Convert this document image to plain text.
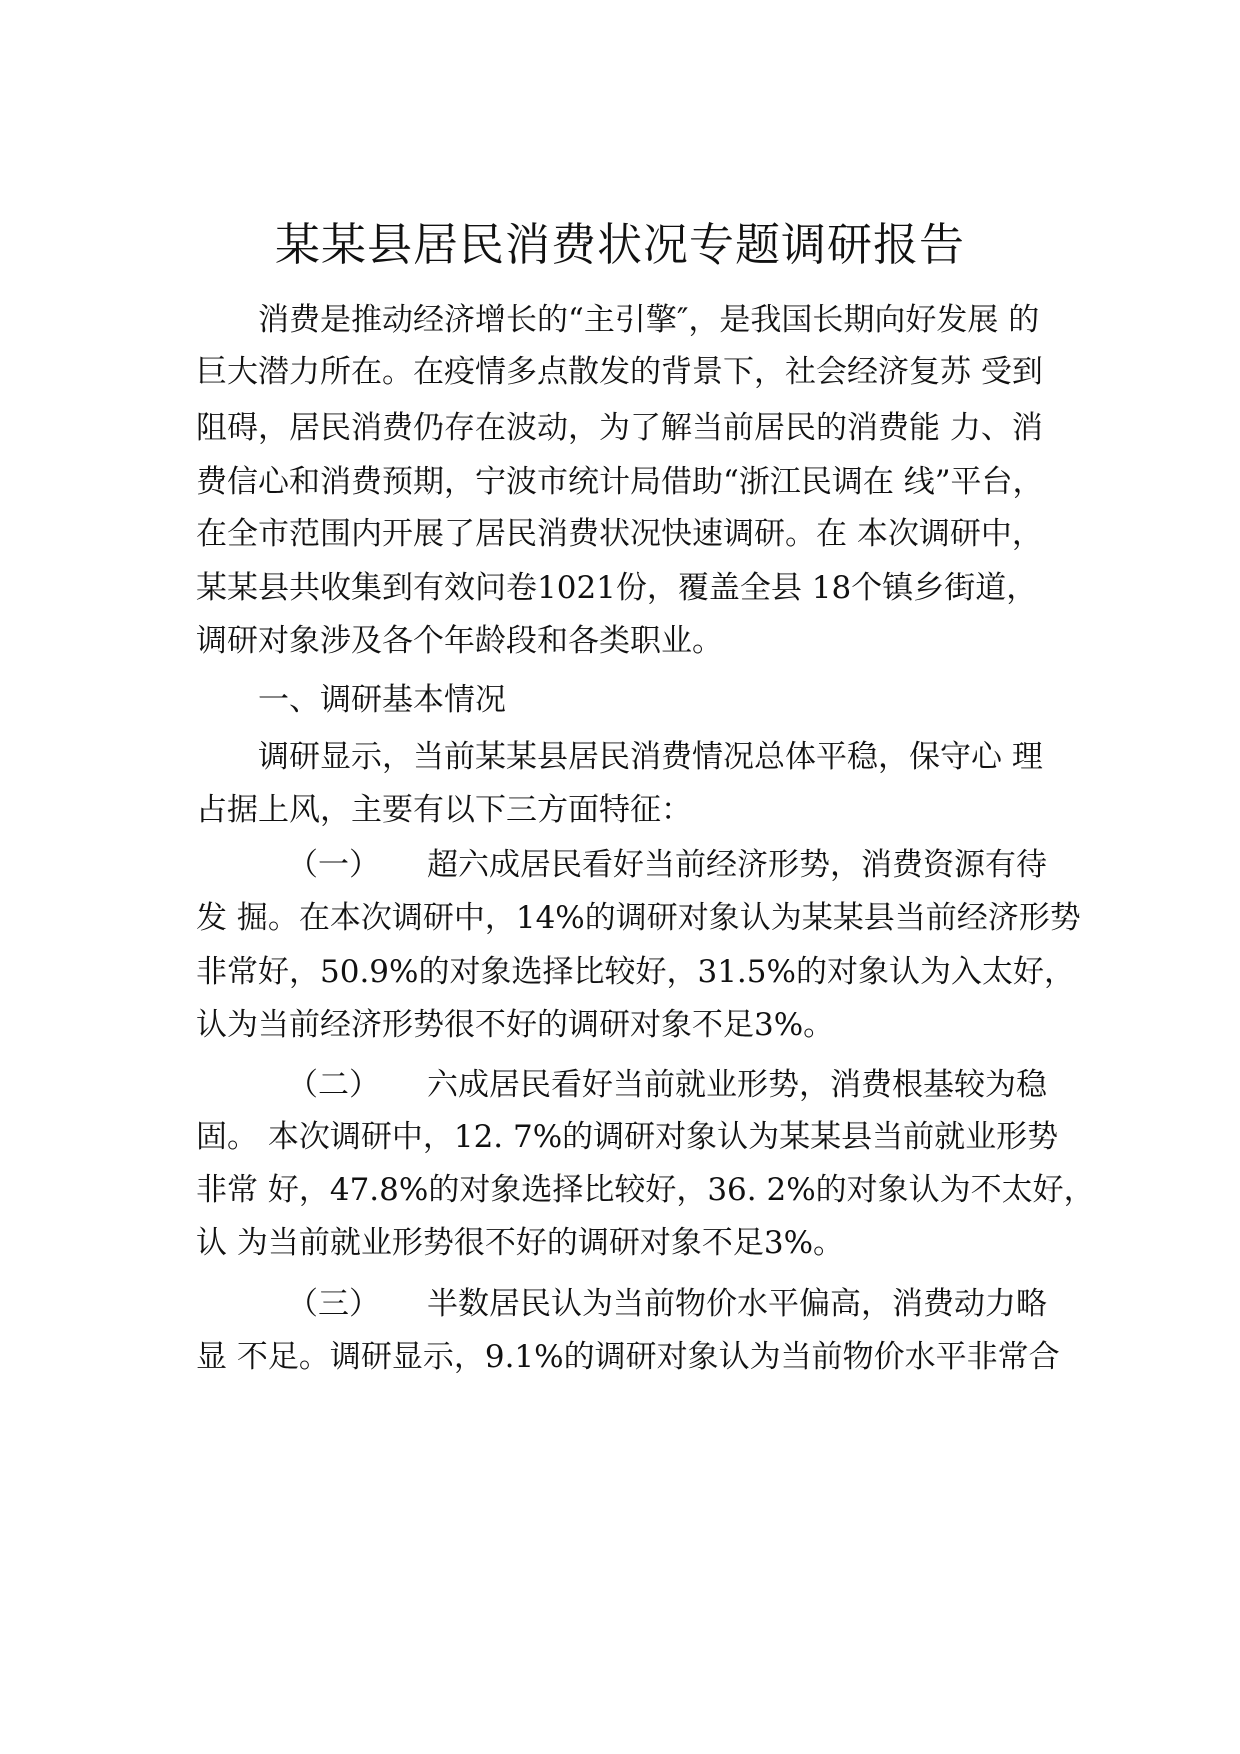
某某县居民消费状况专题调研报告
消费是推动经济增长的“主引擎″，是我国长期向好发展 的
巨大潜力所在。在疫情多点散发的背景下，社会经济复苏 受到
阻碍，居民消费仍存在波动，为了解当前居民的消费能 力、消
费信心和消费预期，宁波市统计局借助“浙江民调在 线”平台，
在全市范围内开展了居民消费状况快速调研。在 本次调研中，
某某县共收集到有效问卷1021份，覆盖全县 18个镇乡街道，
调研对象涉及各个年龄段和各类职业。
一、调研基本情况
调研显示，当前某某县居民消费情况总体平稳，保守心 理
占据上风，主要有以下三方面特征：
（一） 超六成居民看好当前经济形势，消费资源有待
发 掘。在本次调研中，14%的调研对象认为某某县当前经济形势
非常好，50.9%的对象选择比较好，31.5%的对象认为入太好，
认为当前经济形势很不好的调研对象不足3%。
（二） 六成居民看好当前就业形势，消费根基较为稳
固。 本次调研中，12. 7%的调研对象认为某某县当前就业形势
非常 好，47.8%的对象选择比较好，36. 2%的对象认为不太好，
认 为当前就业形势很不好的调研对象不足3%。
（三） 半数居民认为当前物价水平偏高，消费动力略
显 不足。调研显示，9.1%的调研对象认为当前物价水平非常合
